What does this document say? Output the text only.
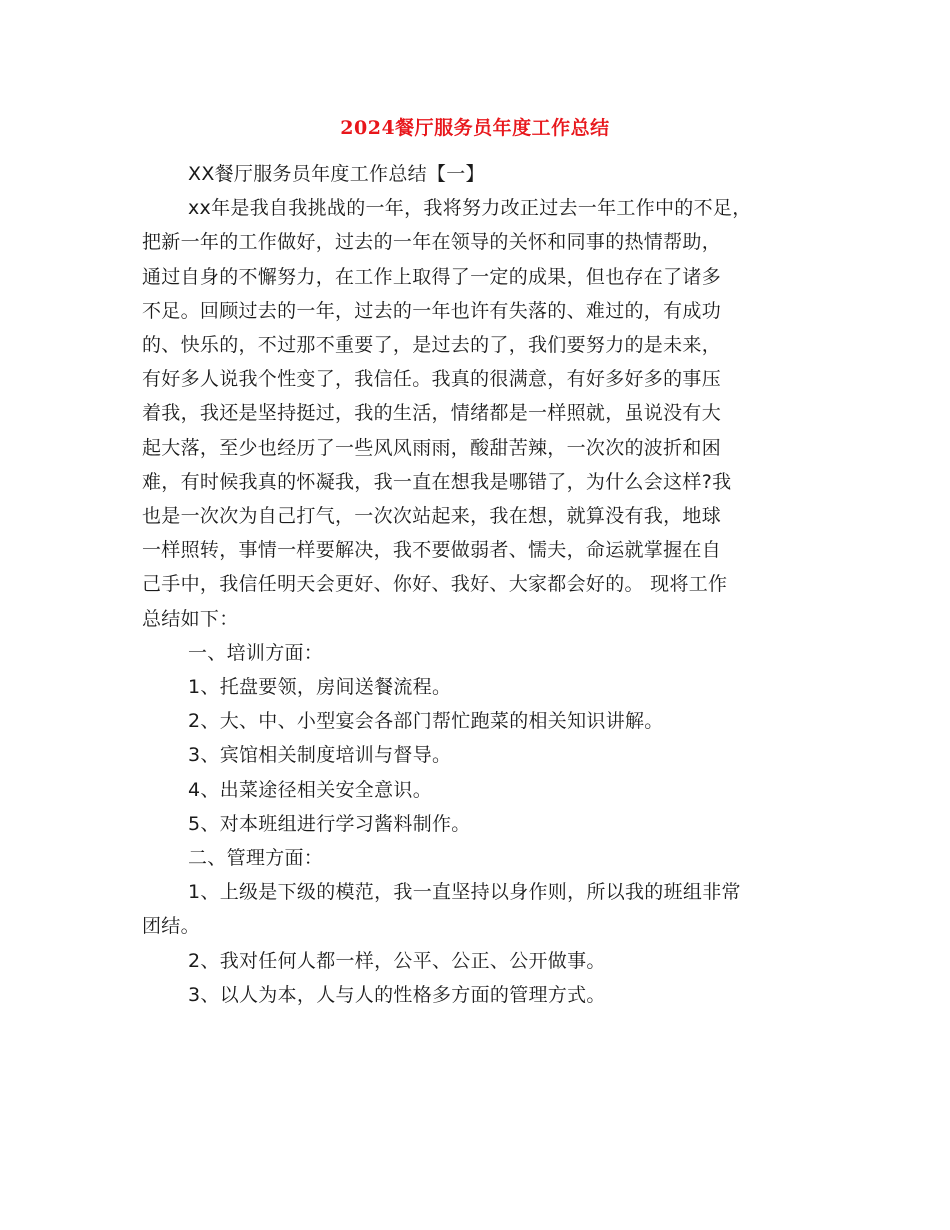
2024餐厅服务员年度工作总结

XX餐厅服务员年度工作总结【一】

xx年是我自我挑战的一年，我将努力改正过去一年工作中的不足，
把新一年的工作做好，过去的一年在领导的关怀和同事的热情帮助，
通过自身的不懈努力，在工作上取得了一定的成果，但也存在了诸多
不足。回顾过去的一年，过去的一年也许有失落的、难过的，有成功
的、快乐的，不过那不重要了，是过去的了，我们要努力的是未来，
有好多人说我个性变了，我信任。我真的很满意，有好多好多的事压
着我，我还是坚持挺过，我的生活，情绪都是一样照就，虽说没有大
起大落，至少也经历了一些风风雨雨，酸甜苦辣，一次次的波折和困
难，有时候我真的怀凝我，我一直在想我是哪错了，为什么会这样?我
也是一次次为自己打气，一次次站起来，我在想，就算没有我，地球
一样照转，事情一样要解决，我不要做弱者、懦夫，命运就掌握在自
己手中，我信任明天会更好、你好、我好、大家都会好的。 现将工作
总结如下：

一、培训方面：

1、托盘要领，房间送餐流程。

2、大、中、小型宴会各部门帮忙跑菜的相关知识讲解。

3、宾馆相关制度培训与督导。

4、出菜途径相关安全意识。

5、对本班组进行学习酱料制作。

二、管理方面：

1、上级是下级的模范，我一直坚持以身作则，所以我的班组非常
团结。

2、我对任何人都一样，公平、公正、公开做事。

3、以人为本，人与人的性格多方面的管理方式。
